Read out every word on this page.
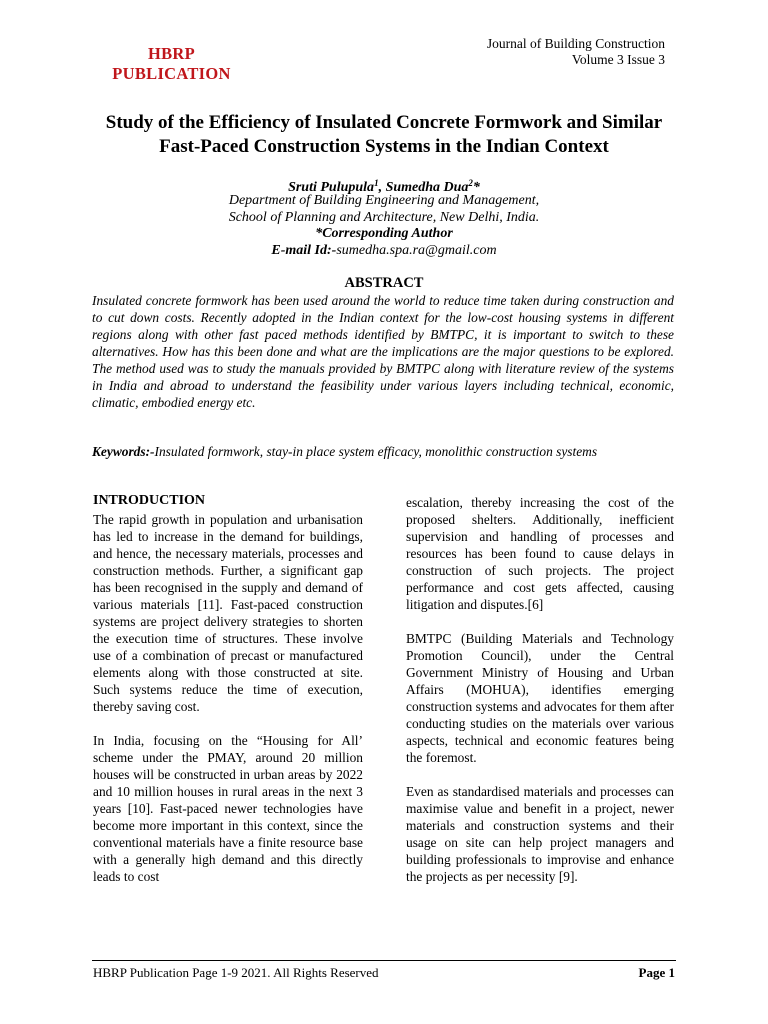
HBRP
PUBLICATION
Journal of Building Construction
Volume 3 Issue 3
Study of the Efficiency of Insulated Concrete Formwork and Similar Fast-Paced Construction Systems in the Indian Context
Sruti Pulupula$^1$, Sumedha Dua$^2$*
Department of Building Engineering and Management,
School of Planning and Architecture, New Delhi, India.
*Corresponding Author
E-mail Id:-sumedha.spa.ra@gmail.com
ABSTRACT
Insulated concrete formwork has been used around the world to reduce time taken during construction and to cut down costs. Recently adopted in the Indian context for the low-cost housing systems in different regions along with other fast paced methods identified by BMTPC, it is important to switch to these alternatives. How has this been done and what are the implications are the major questions to be explored. The method used was to study the manuals provided by BMTPC along with literature review of the systems in India and abroad to understand the feasibility under various layers including technical, economic, climatic, embodied energy etc.
Keywords:-Insulated formwork, stay-in place system efficacy, monolithic construction systems
INTRODUCTION

The rapid growth in population and urbanisation has led to increase in the demand for buildings, and hence, the necessary materials, processes and construction methods. Further, a significant gap has been recognised in the supply and demand of various materials [11]. Fast-paced construction systems are project delivery strategies to shorten the execution time of structures. These involve use of a combination of precast or manufactured elements along with those constructed at site. Such systems reduce the time of execution, thereby saving cost.

In India, focusing on the “Housing for All’ scheme under the PMAY, around 20 million houses will be constructed in urban areas by 2022 and 10 million houses in rural areas in the next 3 years [10]. Fast-paced newer technologies have become more important in this context, since the conventional materials have a finite resource base with a generally high demand and this directly leads to cost

escalation, thereby increasing the cost of the proposed shelters. Additionally, inefficient supervision and handling of processes and resources has been found to cause delays in construction of such projects. The project performance and cost gets affected, causing litigation and disputes.[6]

BMTPC (Building Materials and Technology Promotion Council), under the Central Government Ministry of Housing and Urban Affairs (MOHUA), identifies emerging construction systems and advocates for them after conducting studies on the materials over various aspects, technical and economic features being the foremost.

Even as standardised materials and processes can maximise value and benefit in a project, newer materials and construction systems and their usage on site can help project managers and building professionals to improvise and enhance the projects as per necessity [9].

HBRP Publication Page 1-9 2021. All Rights Reserved	Page 1
